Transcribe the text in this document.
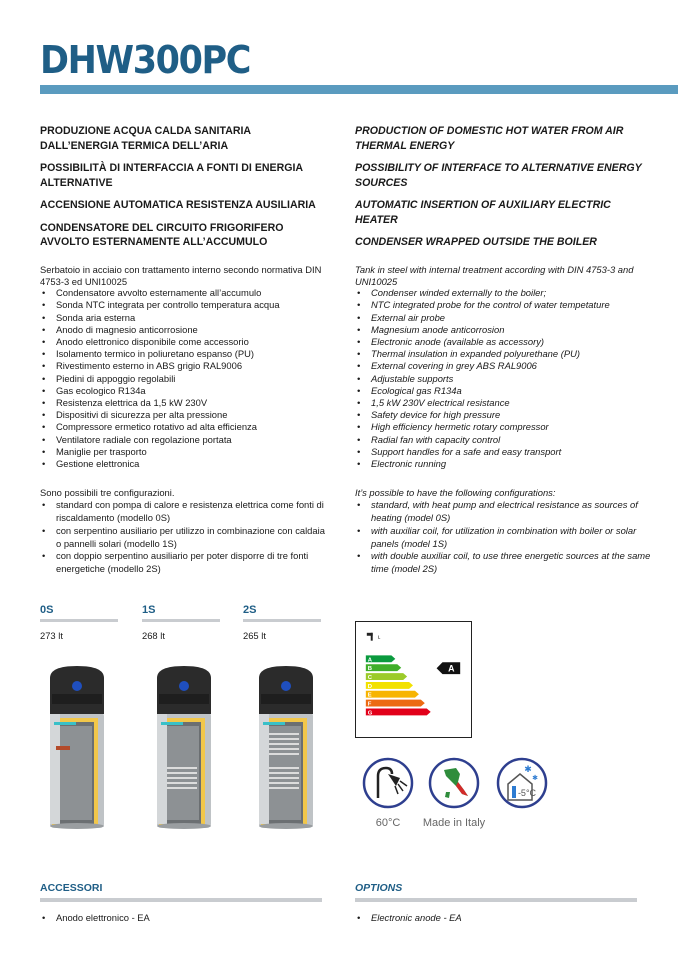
DHW300PC
PRODUZIONE ACQUA CALDA SANITARIA DALL’ENERGIA TERMICA DELL’ARIA
POSSIBILITÀ DI INTERFACCIA A FONTI DI ENERGIA ALTERNATIVE
ACCENSIONE AUTOMATICA RESISTENZA AUSILIARIA
CONDENSATORE DEL CIRCUITO FRIGORIFERO AVVOLTO ESTERNAMENTE ALL’ACCUMULO
Serbatoio in acciaio con trattamento interno secondo normativa DIN 4753-3 ed UNI10025
• Condensatore avvolto esternamente all’accumulo
• Sonda NTC integrata per controllo temperatura acqua
• Sonda aria esterna
• Anodo di magnesio anticorrosione
• Anodo elettronico disponibile come accessorio
• Isolamento termico in poliuretano espanso (PU)
• Rivestimento esterno in ABS grigio RAL9006
• Piedini di appoggio regolabili
• Gas ecologico R134a
• Resistenza elettrica da 1,5 kW 230V
• Dispositivi di sicurezza per alta pressione
• Compressore ermetico rotativo ad alta efficienza
• Ventilatore radiale con regolazione portata
• Maniglie per trasporto
• Gestione elettronica
Sono possibili tre configurazioni.
• standard con pompa di calore e resistenza elettrica come fonti di riscaldamento (modello 0S)
• con serpentino ausiliario per utilizzo in combinazione con caldaia o pannelli solari (modello 1S)
• con doppio serpentino ausiliario per poter disporre di tre fonti energetiche (modello 2S)
PRODUCTION OF DOMESTIC HOT WATER FROM AIR THERMAL ENERGY
POSSIBILITY OF INTERFACE TO ALTERNATIVE ENERGY SOURCES
AUTOMATIC INSERTION OF AUXILIARY ELECTRIC HEATER
CONDENSER WRAPPED OUTSIDE THE BOILER
Tank in steel with internal treatment according with DIN 4753-3 and UNI10025
• Condenser winded externally to the boiler;
• NTC integrated probe for the control of water tempetature
• External air probe
• Magnesium anode anticorrosion
• Electronic anode (available as accessory)
• Thermal insulation in expanded polyurethane (PU)
• External covering in grey ABS RAL9006
• Adjustable supports
• Ecological gas R134a
• 1,5 kW 230V electrical resistance
• Safety device for high pressure
• High efficiency hermetic rotary compressor
• Radial fan with capacity control
• Support handles for a safe and easy transport
• Electronic running
It’s possible to have the following configurations:
• standard, with heat pump and electrical resistance as sources of heating (model 0S)
• with auxiliar coil, for utilization in combination with boiler or solar panels (model 1S)
• with double auxiliar coil, to use three energetic sources at the same time (model 2S)
0S
273 lt
1S
268 lt
2S
265 lt	L
A
B
C
D
E
F
G
A
60°C Made in Italy
✱
✱
-5°C
ACCESSORI
• Anodo elettronico - EA
OPTIONS
• Electronic anode - EA
